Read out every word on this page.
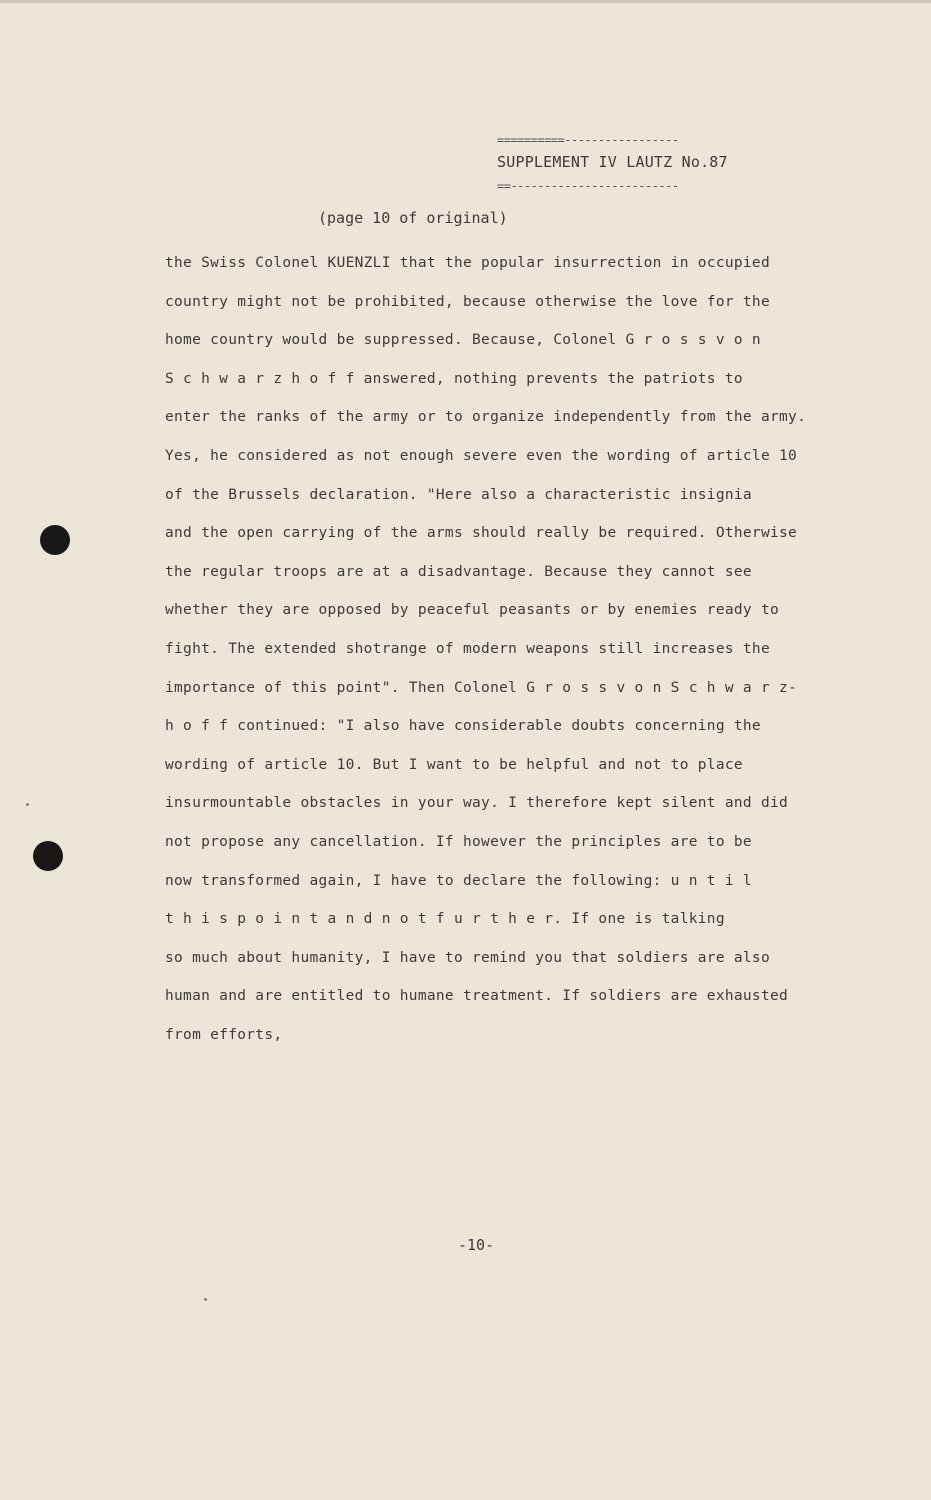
==========-----------------
SUPPLEMENT IV LAUTZ No.87
==-------------------------
(page 10 of original)
the Swiss Colonel KUENZLI that the popular insurrection in occupied
country might not be prohibited, because otherwise the love for the
home country would be suppressed. Because, Colonel G r o s s v o n
S c h w a r z h o f f answered, nothing prevents the patriots to
enter the ranks of the army or to organize independently from the army.
Yes, he considered as not enough severe even the wording of article 10
of the Brussels declaration. "Here also a characteristic insignia
and the open carrying of the arms should really be required. Otherwise
the regular troops are at a disadvantage. Because they cannot see
whether they are opposed by peaceful peasants or by enemies ready to
fight. The extended shotrange of modern weapons still increases the
importance of this point". Then Colonel G r o s s v o n S c h w a r z-
h o f f continued: "I also have considerable doubts concerning the
wording of article 10. But I want to be helpful and not to place
insurmountable obstacles in your way. I therefore kept silent and did
not propose any cancellation. If however the principles are to be
now transformed again, I have to declare the following: u n t i l
t h i s p o i n t a n d n o t f u r t h e r. If one is talking
so much about humanity, I have to remind you that soldiers are also
human and are entitled to humane treatment. If soldiers are exhausted
from efforts,
-10-
